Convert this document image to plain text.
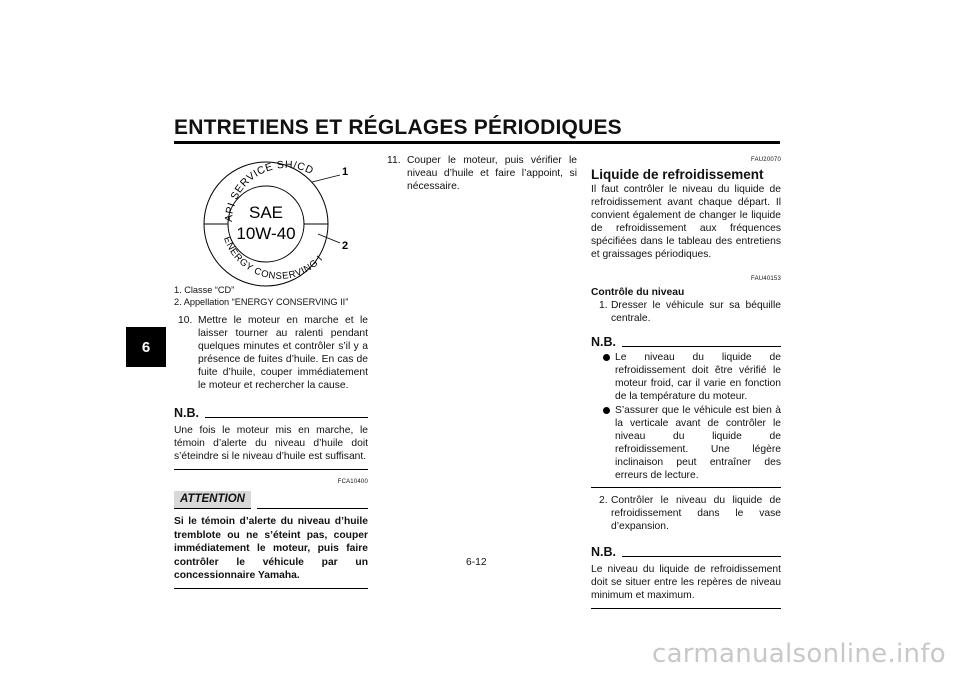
ENTRETIENS ET RÉGLAGES PÉRIODIQUES
6
API SERVICE SH/CD
ENERGY CONSERVING I
SAE
10W-40
1
2
1. Classe “CD”
2. Appellation “ENERGY CONSERVING II”
10. Mettre le moteur en marche et le laisser tourner au ralenti pendant quelques minutes et contrôler s’il y a présence de fuites d’huile. En cas de fuite d’huile, couper immédiatement le moteur et rechercher la cause.
N.B.

Une fois le moteur mis en marche, le témoin d’alerte du niveau d’huile doit s’éteindre si le niveau d’huile est suffisant.

FCA10400
ATTENTION
Si le témoin d’alerte du niveau d’huile tremblote ou ne s’éteint pas, couper immédiatement le moteur, puis faire contrôler le véhicule par un concessionnaire Yamaha.
11. Couper le moteur, puis vérifier le niveau d’huile et faire l’appoint, si nécessaire.
FAU20070
Liquide de refroidissement

Il faut contrôler le niveau du liquide de refroidissement avant chaque départ. Il convient également de changer le liquide de refroidissement aux fréquences spécifiées dans le tableau des entretiens et graissages périodiques.

FAU40153
Contrôle du niveau
1. Dresser le véhicule sur sa béquille centrale.
N.B.
Le niveau du liquide de refroidissement doit être vérifié le moteur froid, car il varie en fonction de la température du moteur.
S’assurer que le véhicule est bien à la verticale avant de contrôler le niveau du liquide de refroidissement. Une légère inclinaison peut entraîner des erreurs de lecture.
2. Contrôler le niveau du liquide de refroidissement dans le vase d’expansion.
N.B.

Le niveau du liquide de refroidissement doit se situer entre les repères de niveau minimum et maximum.

6-12
carmanualsonline.info
